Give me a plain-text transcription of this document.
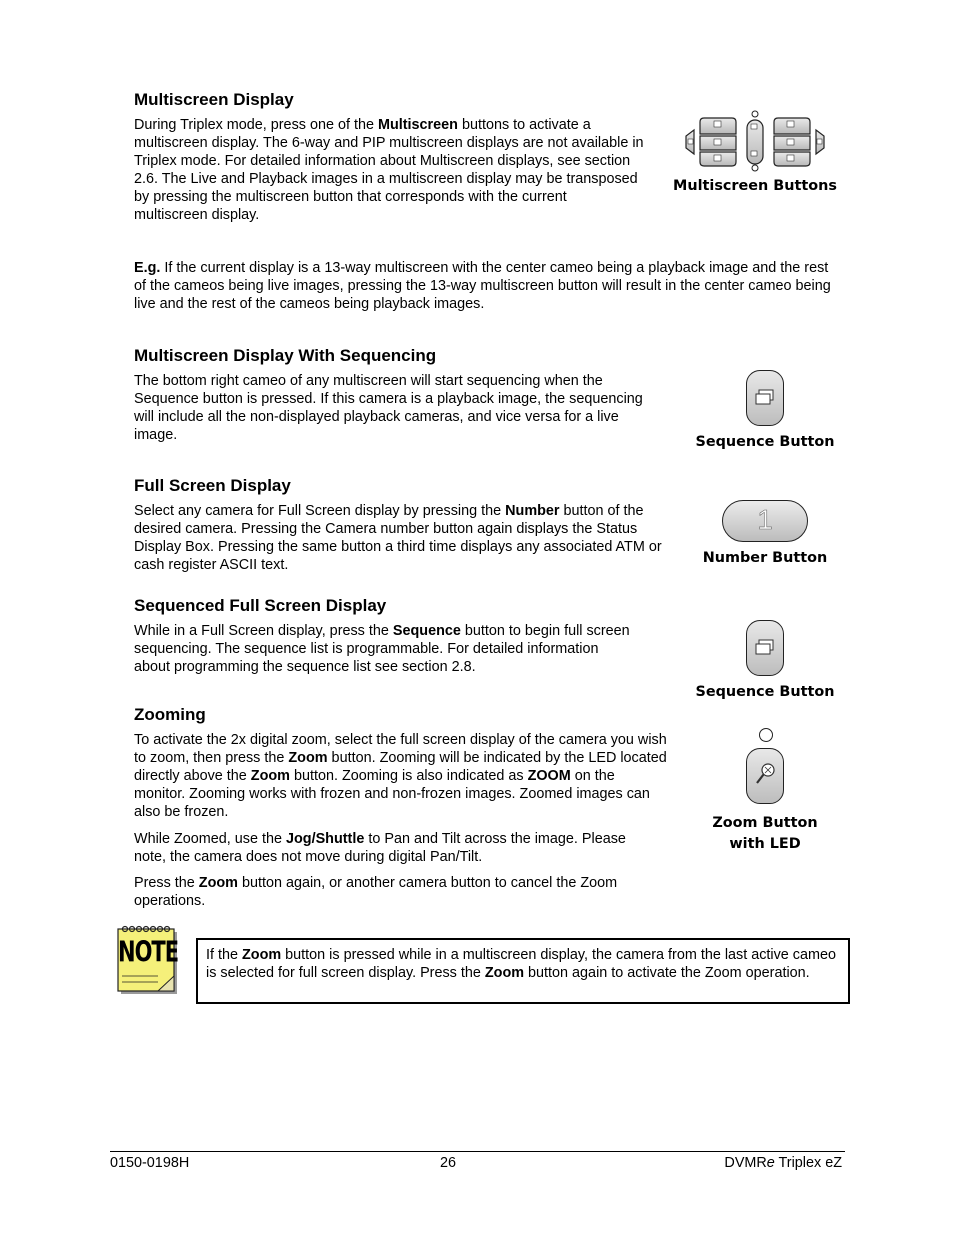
Multiscreen Display

During Triplex mode, press one of the Multiscreen buttons to activate a multiscreen display. The 6-way and PIP multiscreen displays are not available in Triplex mode. For detailed information about Multiscreen displays, see section 2.6. The Live and Playback images in a multiscreen display may be transposed by pressing the multiscreen button that corresponds with the current multiscreen display.

Multiscreen Buttons

E.g. If the current display is a 13-way multiscreen with the center cameo being a playback image and the rest of the cameos being live images, pressing the 13-way multiscreen button will result in the center cameo being live and the rest of the cameos being playback images.

Multiscreen Display With Sequencing

The bottom right cameo of any multiscreen will start sequencing when the Sequence button is pressed. If this camera is a playback image, the sequencing will include all the non-displayed playback cameras, and vice versa for a live image.	Sequence Button
Full Screen Display

Select any camera for Full Screen display by pressing the Number button of the desired camera. Pressing the Camera number button again displays the Status Display Box. Pressing the same button a third time displays any associated ATM or cash register ASCII text.

1
Number Button
Sequenced Full Screen Display

While in a Full Screen display, press the Sequence button to begin full screen sequencing. The sequence list is programmable. For detailed information about programming the sequence list see section 2.8.

Sequence Button
Zooming

To activate the 2x digital zoom, select the full screen display of the camera you wish to zoom, then press the Zoom button. Zooming will be indicated by the LED located directly above the Zoom button. Zooming is also indicated as ZOOM on the monitor. Zooming works with frozen and non-frozen images. Zoomed images can also be frozen.

While Zoomed, use the Jog/Shuttle to Pan and Tilt across the image. Please note, the camera does not move during digital Pan/Tilt.

Press the Zoom button again, or another camera button to cancel the Zoom operations.

Zoom Button
with LED
NOTE	If the Zoom button is pressed while in a multiscreen display, the camera from the last active cameo is selected for full screen display. Press the Zoom button again to activate the Zoom operation.
0150-0198H	26	DVMRe Triplex eZ
